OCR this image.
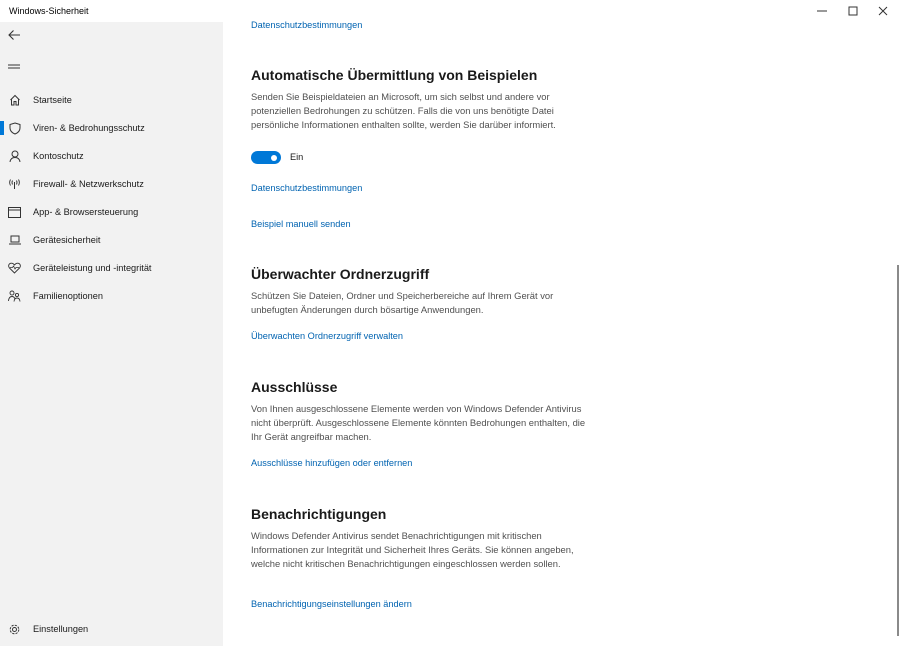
Windows-Sicherheit
Startseite
Viren- & Bedrohungsschutz
Kontoschutz
Firewall- & Netzwerkschutz
App- & Browsersteuerung
Gerätesicherheit
Geräteleistung und -integrität
Familienoptionen
Einstellungen
Datenschutzbestimmungen
Automatische Übermittlung von Beispielen

Senden Sie Beispieldateien an Microsoft, um sich selbst und andere vor potenziellen Bedrohungen zu schützen. Falls die von uns benötigte Datei persönliche Informationen enthalten sollte, werden Sie darüber informiert.

Ein
Datenschutzbestimmungen
Beispiel manuell senden
Überwachter Ordnerzugriff

Schützen Sie Dateien, Ordner und Speicherbereiche auf Ihrem Gerät vor unbefugten Änderungen durch bösartige Anwendungen.

Überwachten Ordnerzugriff verwalten
Ausschlüsse

Von Ihnen ausgeschlossene Elemente werden von Windows Defender Antivirus nicht überprüft. Ausgeschlossene Elemente könnten Bedrohungen enthalten, die Ihr Gerät angreifbar machen.

Ausschlüsse hinzufügen oder entfernen
Benachrichtigungen

Windows Defender Antivirus sendet Benachrichtigungen mit kritischen Informationen zur Integrität und Sicherheit Ihres Geräts. Sie können angeben, welche nicht kritischen Benachrichtigungen eingeschlossen werden sollen.

Benachrichtigungseinstellungen ändern
